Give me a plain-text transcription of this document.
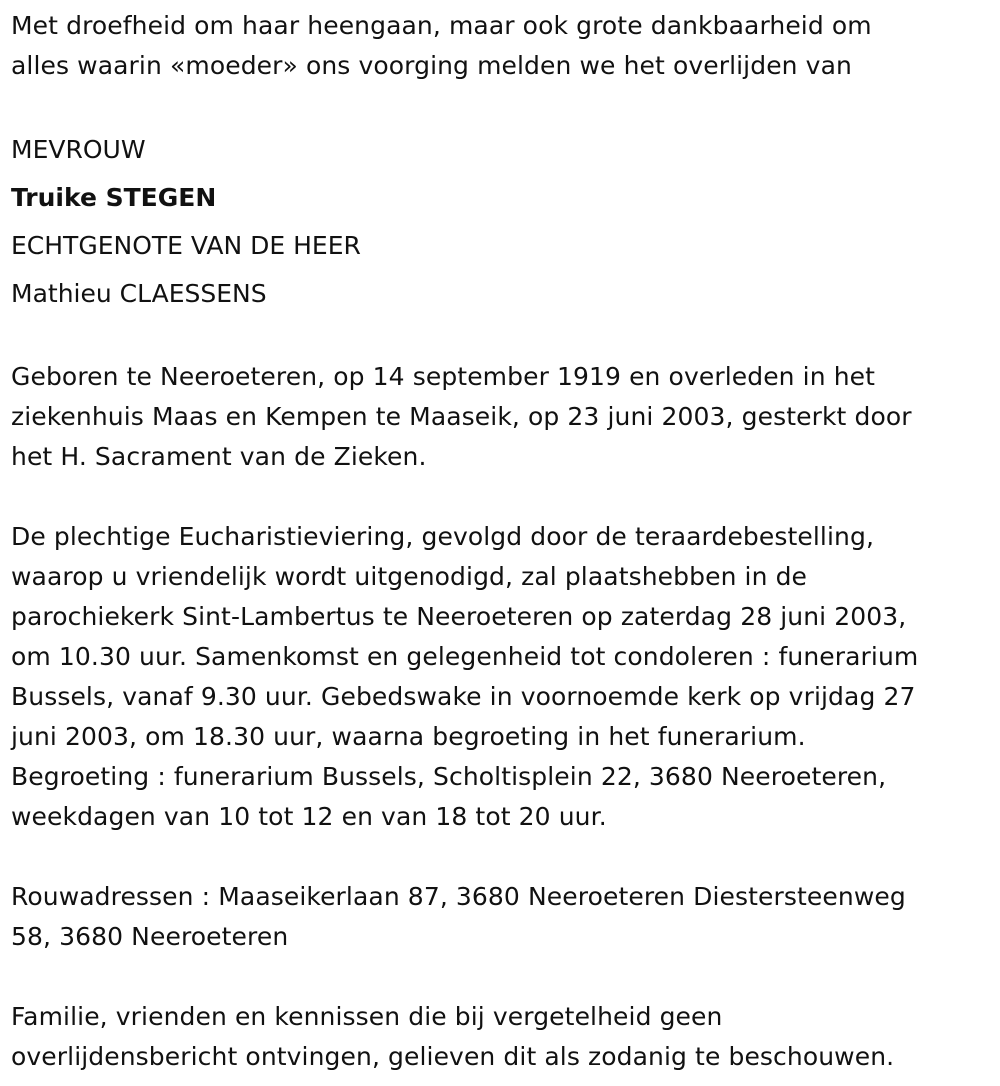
Met droefheid om haar heengaan, maar ook grote dankbaarheid om
alles waarin «moeder» ons voorging melden we het overlijden van

MEVROUW

Truike STEGEN

ECHTGENOTE VAN DE HEER

Mathieu CLAESSENS

Geboren te Neeroeteren, op 14 september 1919 en overleden in het
ziekenhuis Maas en Kempen te Maaseik, op 23 juni 2003, gesterkt door
het H. Sacrament van de Zieken.

De plechtige Eucharistieviering, gevolgd door de teraardebestelling,
waarop u vriendelijk wordt uitgenodigd, zal plaatshebben in de
parochiekerk Sint-Lambertus te Neeroeteren op zaterdag 28 juni 2003,
om 10.30 uur. Samenkomst en gelegenheid tot condoleren : funerarium
Bussels, vanaf 9.30 uur. Gebedswake in voornoemde kerk op vrijdag 27
juni 2003, om 18.30 uur, waarna begroeting in het funerarium.
Begroeting : funerarium Bussels, Scholtisplein 22, 3680 Neeroeteren,
weekdagen van 10 tot 12 en van 18 tot 20 uur.

Rouwadressen : Maaseikerlaan 87, 3680 Neeroeteren Diestersteenweg
58, 3680 Neeroeteren

Familie, vrienden en kennissen die bij vergetelheid geen
overlijdensbericht ontvingen, gelieven dit als zodanig te beschouwen.
